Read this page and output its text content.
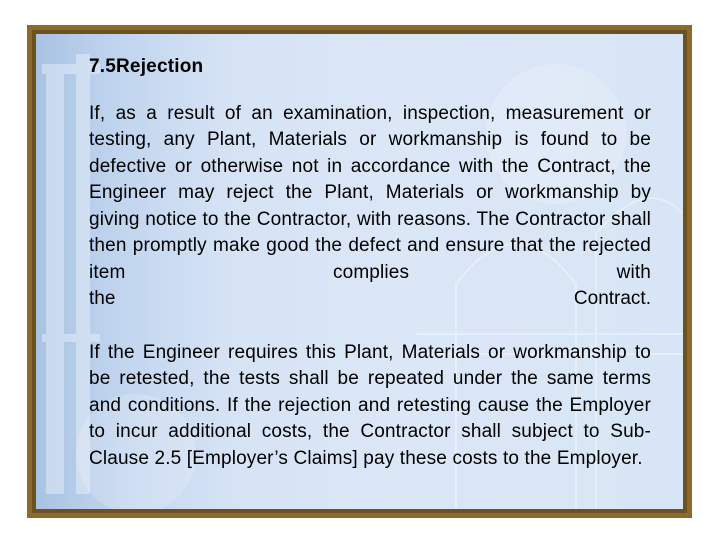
7.5Rejection

If, as a result of an examination, inspection, measurement or testing, any Plant, Materials or workmanship is found to be defective or otherwise not in accordance with the Contract, the Engineer may reject the Plant, Materials or workmanship by giving notice to the Contractor, with reasons. The Contractor shall then promptly make good the defect and ensure that the rejected item complies with

the	Contract.

If the Engineer requires this Plant, Materials or workmanship to be retested, the tests shall be repeated under the same terms and conditions. If the rejection and retesting cause the Employer to incur additional costs, the Contractor shall subject to Sub-Clause 2.5 [Employer’s Claims] pay these costs to the Employer.
